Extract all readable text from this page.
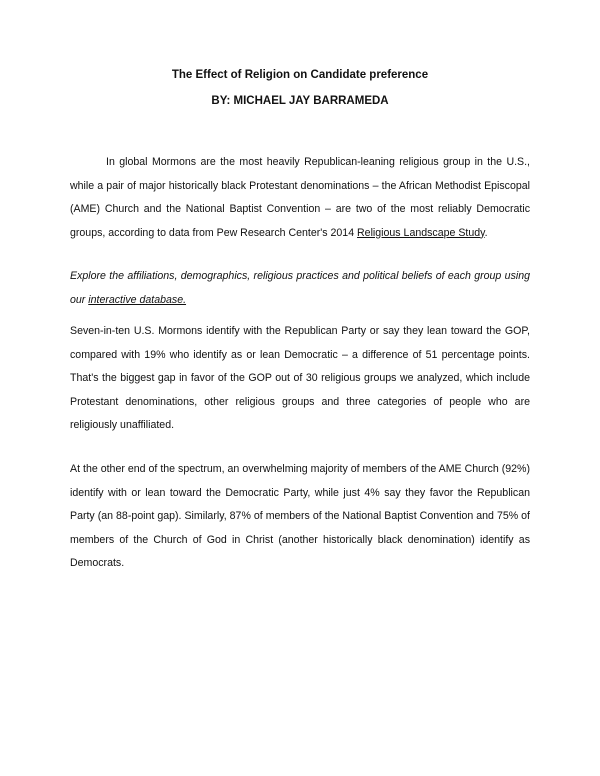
The Effect of Religion on Candidate preference
BY: MICHAEL JAY BARRAMEDA

In global Mormons are the most heavily Republican-leaning religious group in the U.S., while a pair of major historically black Protestant denominations – the African Methodist Episcopal (AME) Church and the National Baptist Convention – are two of the most reliably Democratic groups, according to data from Pew Research Center's 2014 Religious Landscape Study.

Explore the affiliations, demographics, religious practices and political beliefs of each group using our interactive database.

Seven-in-ten U.S. Mormons identify with the Republican Party or say they lean toward the GOP, compared with 19% who identify as or lean Democratic – a difference of 51 percentage points. That's the biggest gap in favor of the GOP out of 30 religious groups we analyzed, which include Protestant denominations, other religious groups and three categories of people who are religiously unaffiliated.

At the other end of the spectrum, an overwhelming majority of members of the AME Church (92%) identify with or lean toward the Democratic Party, while just 4% say they favor the Republican Party (an 88-point gap). Similarly, 87% of members of the National Baptist Convention and 75% of members of the Church of God in Christ (another historically black denomination) identify as Democrats.
